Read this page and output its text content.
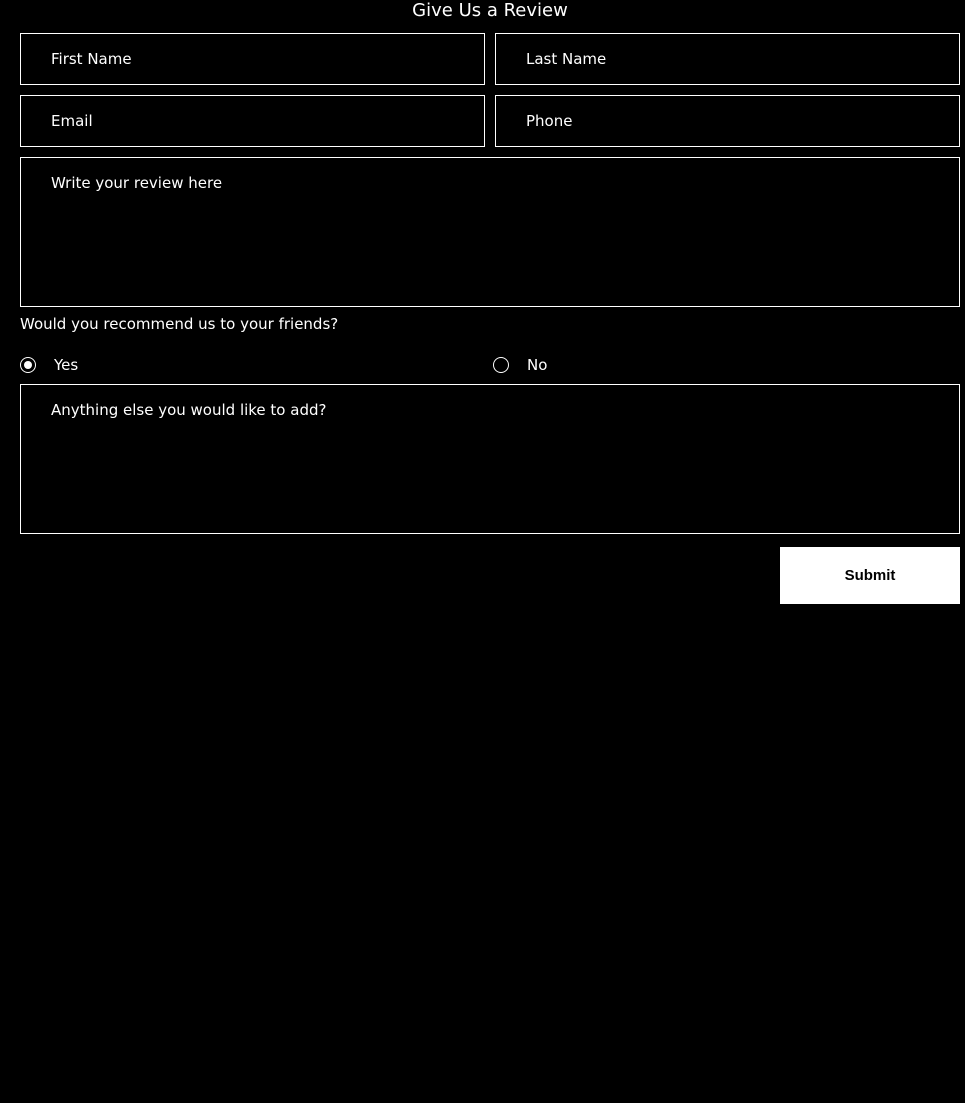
Give Us a Review
First Name
Last Name
Email
Phone
Write your review here
Would you recommend us to your friends?
Yes	No
Anything else you would like to add?
Submit
